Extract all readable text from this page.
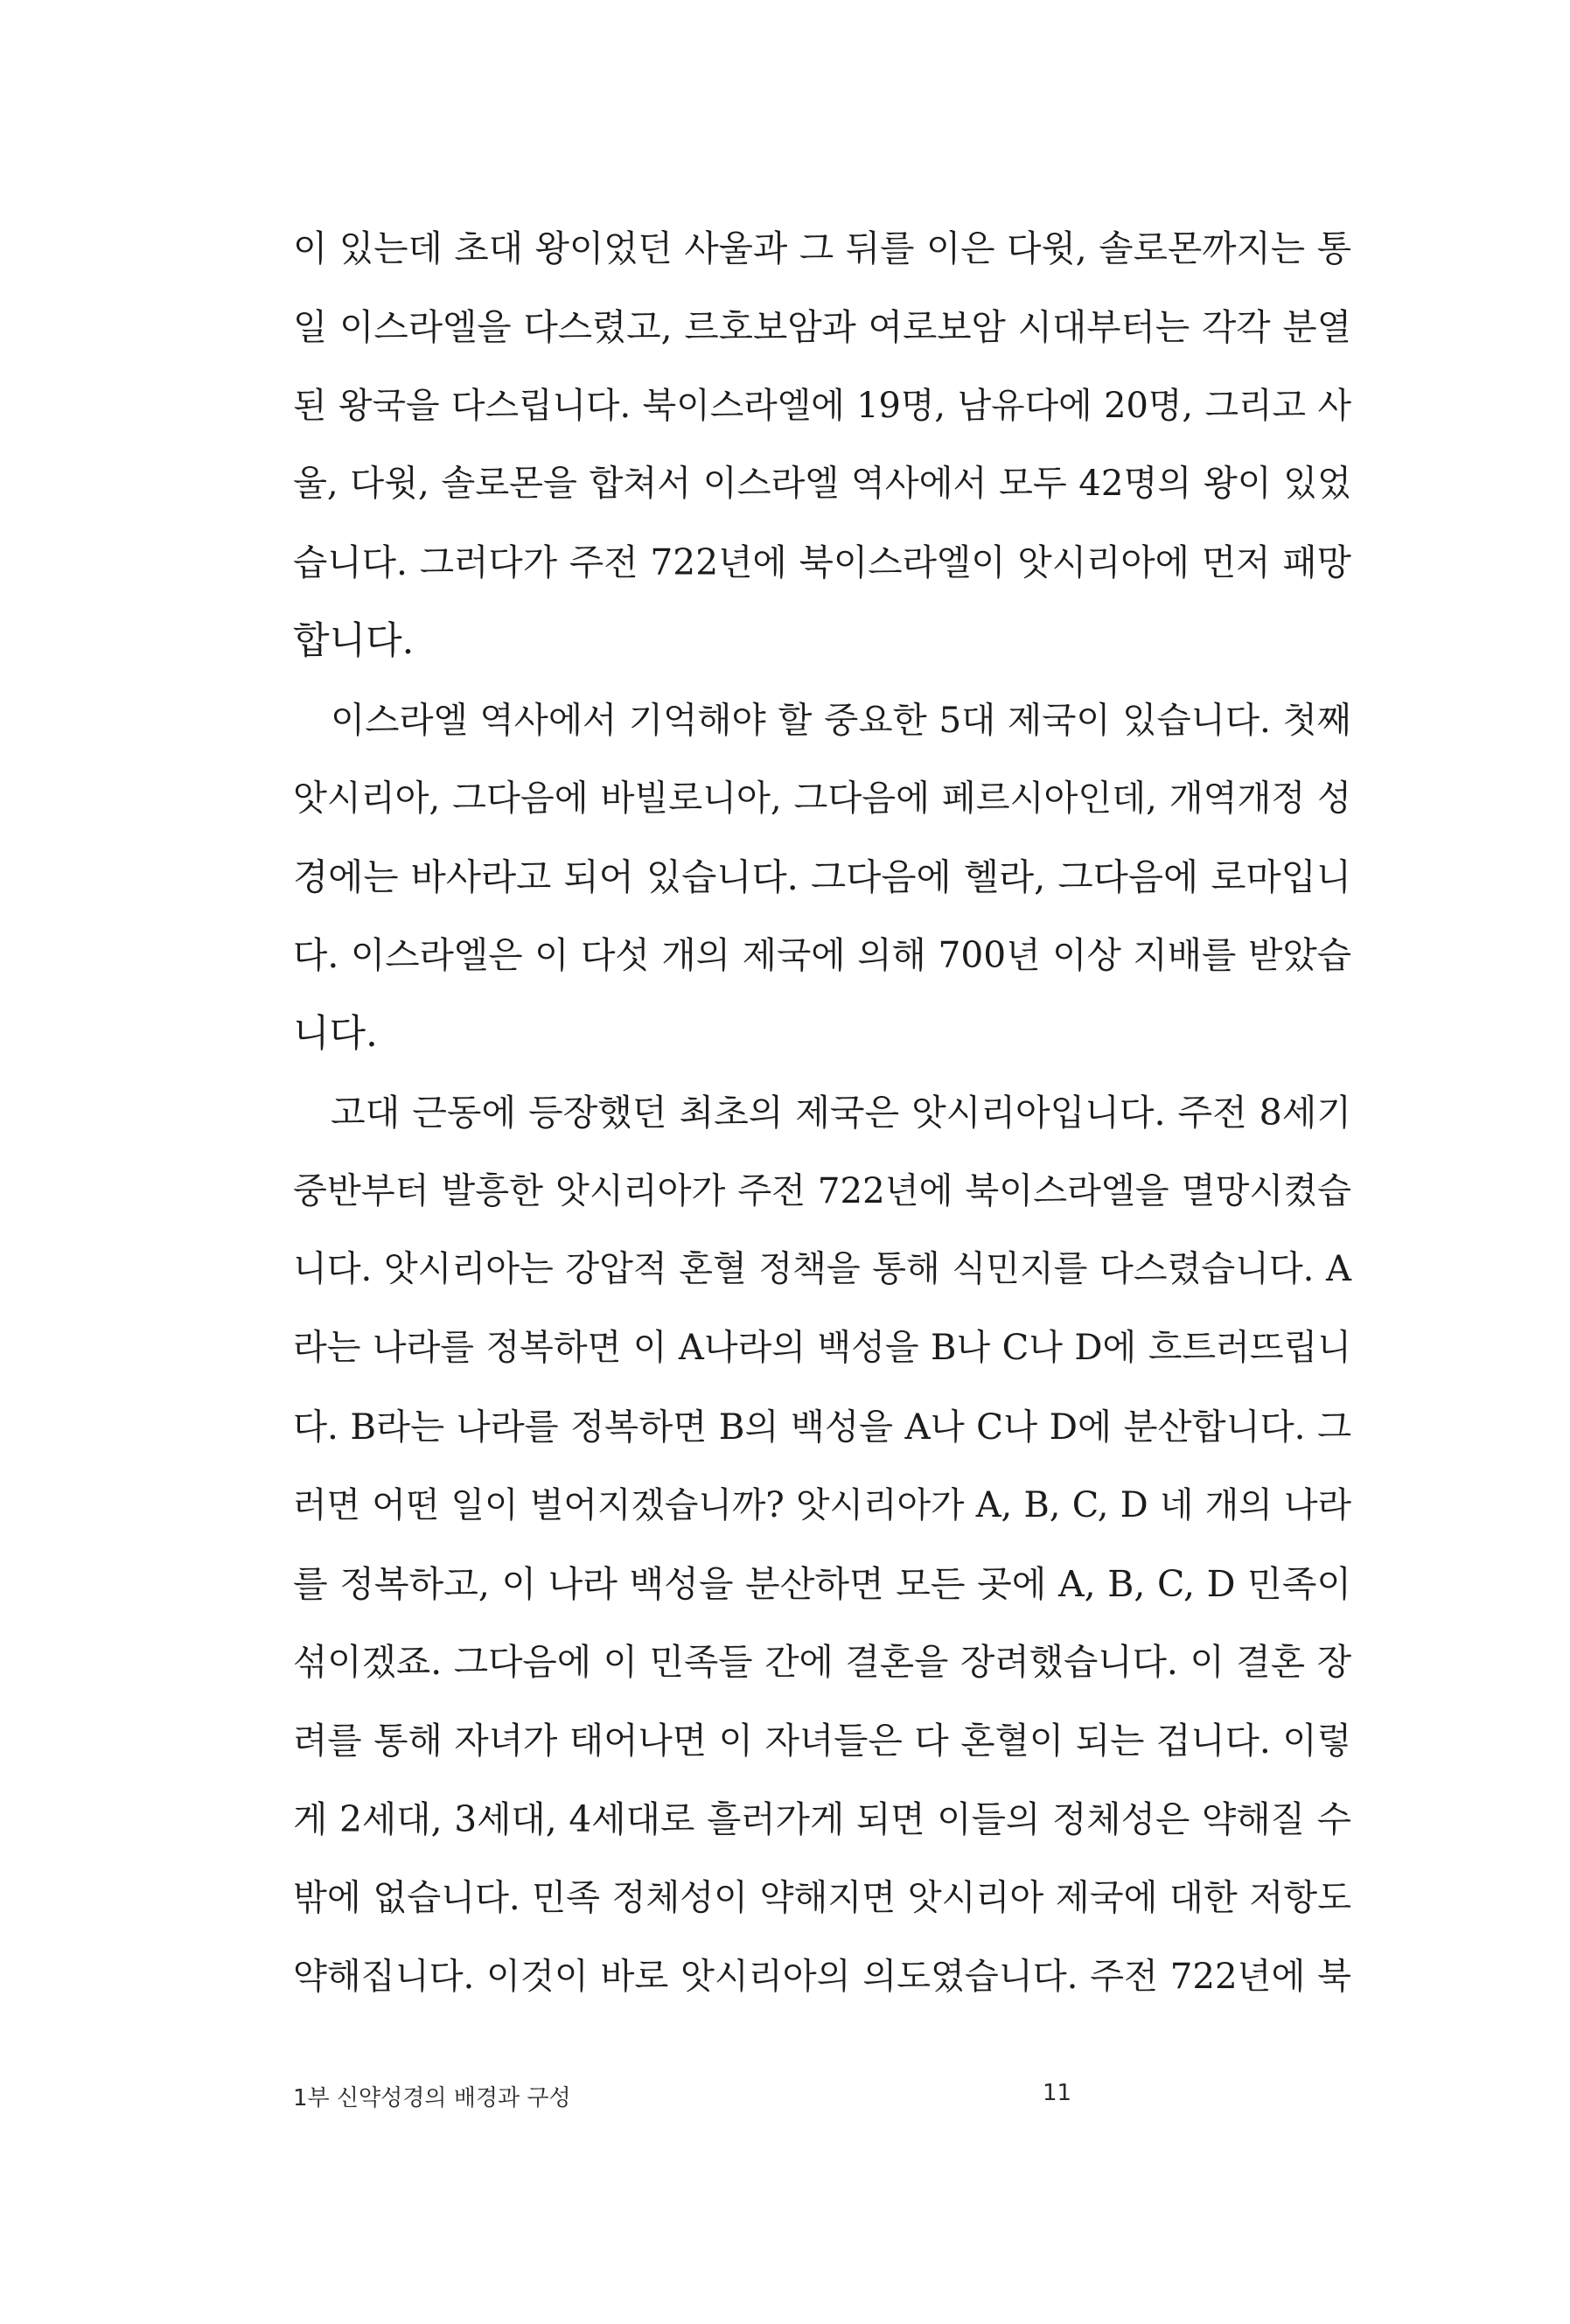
이 있는데 초대 왕이었던 사울과 그 뒤를 이은 다윗, 솔로몬까지는 통
일 이스라엘을 다스렸고, 르호보암과 여로보암 시대부터는 각각 분열
된 왕국을 다스립니다. 북이스라엘에 19명, 남유다에 20명, 그리고 사
울, 다윗, 솔로몬을 합쳐서 이스라엘 역사에서 모두 42명의 왕이 있었
습니다. 그러다가 주전 722년에 북이스라엘이 앗시리아에 먼저 패망
합니다.
이스라엘 역사에서 기억해야 할 중요한 5대 제국이 있습니다. 첫째
앗시리아, 그다음에 바빌로니아, 그다음에 페르시아인데, 개역개정 성
경에는 바사라고 되어 있습니다. 그다음에 헬라, 그다음에 로마입니
다. 이스라엘은 이 다섯 개의 제국에 의해 700년 이상 지배를 받았습
니다.
고대 근동에 등장했던 최초의 제국은 앗시리아입니다. 주전 8세기
중반부터 발흥한 앗시리아가 주전 722년에 북이스라엘을 멸망시켰습
니다. 앗시리아는 강압적 혼혈 정책을 통해 식민지를 다스렸습니다. A
라는 나라를 정복하면 이 A나라의 백성을 B나 C나 D에 흐트러뜨립니
다. B라는 나라를 정복하면 B의 백성을 A나 C나 D에 분산합니다. 그
러면 어떤 일이 벌어지겠습니까? 앗시리아가 A, B, C, D 네 개의 나라
를 정복하고, 이 나라 백성을 분산하면 모든 곳에 A, B, C, D 민족이
섞이겠죠. 그다음에 이 민족들 간에 결혼을 장려했습니다. 이 결혼 장
려를 통해 자녀가 태어나면 이 자녀들은 다 혼혈이 되는 겁니다. 이렇
게 2세대, 3세대, 4세대로 흘러가게 되면 이들의 정체성은 약해질 수
밖에 없습니다. 민족 정체성이 약해지면 앗시리아 제국에 대한 저항도
약해집니다. 이것이 바로 앗시리아의 의도였습니다. 주전 722년에 북
1부 신약성경의 배경과 구성	11
